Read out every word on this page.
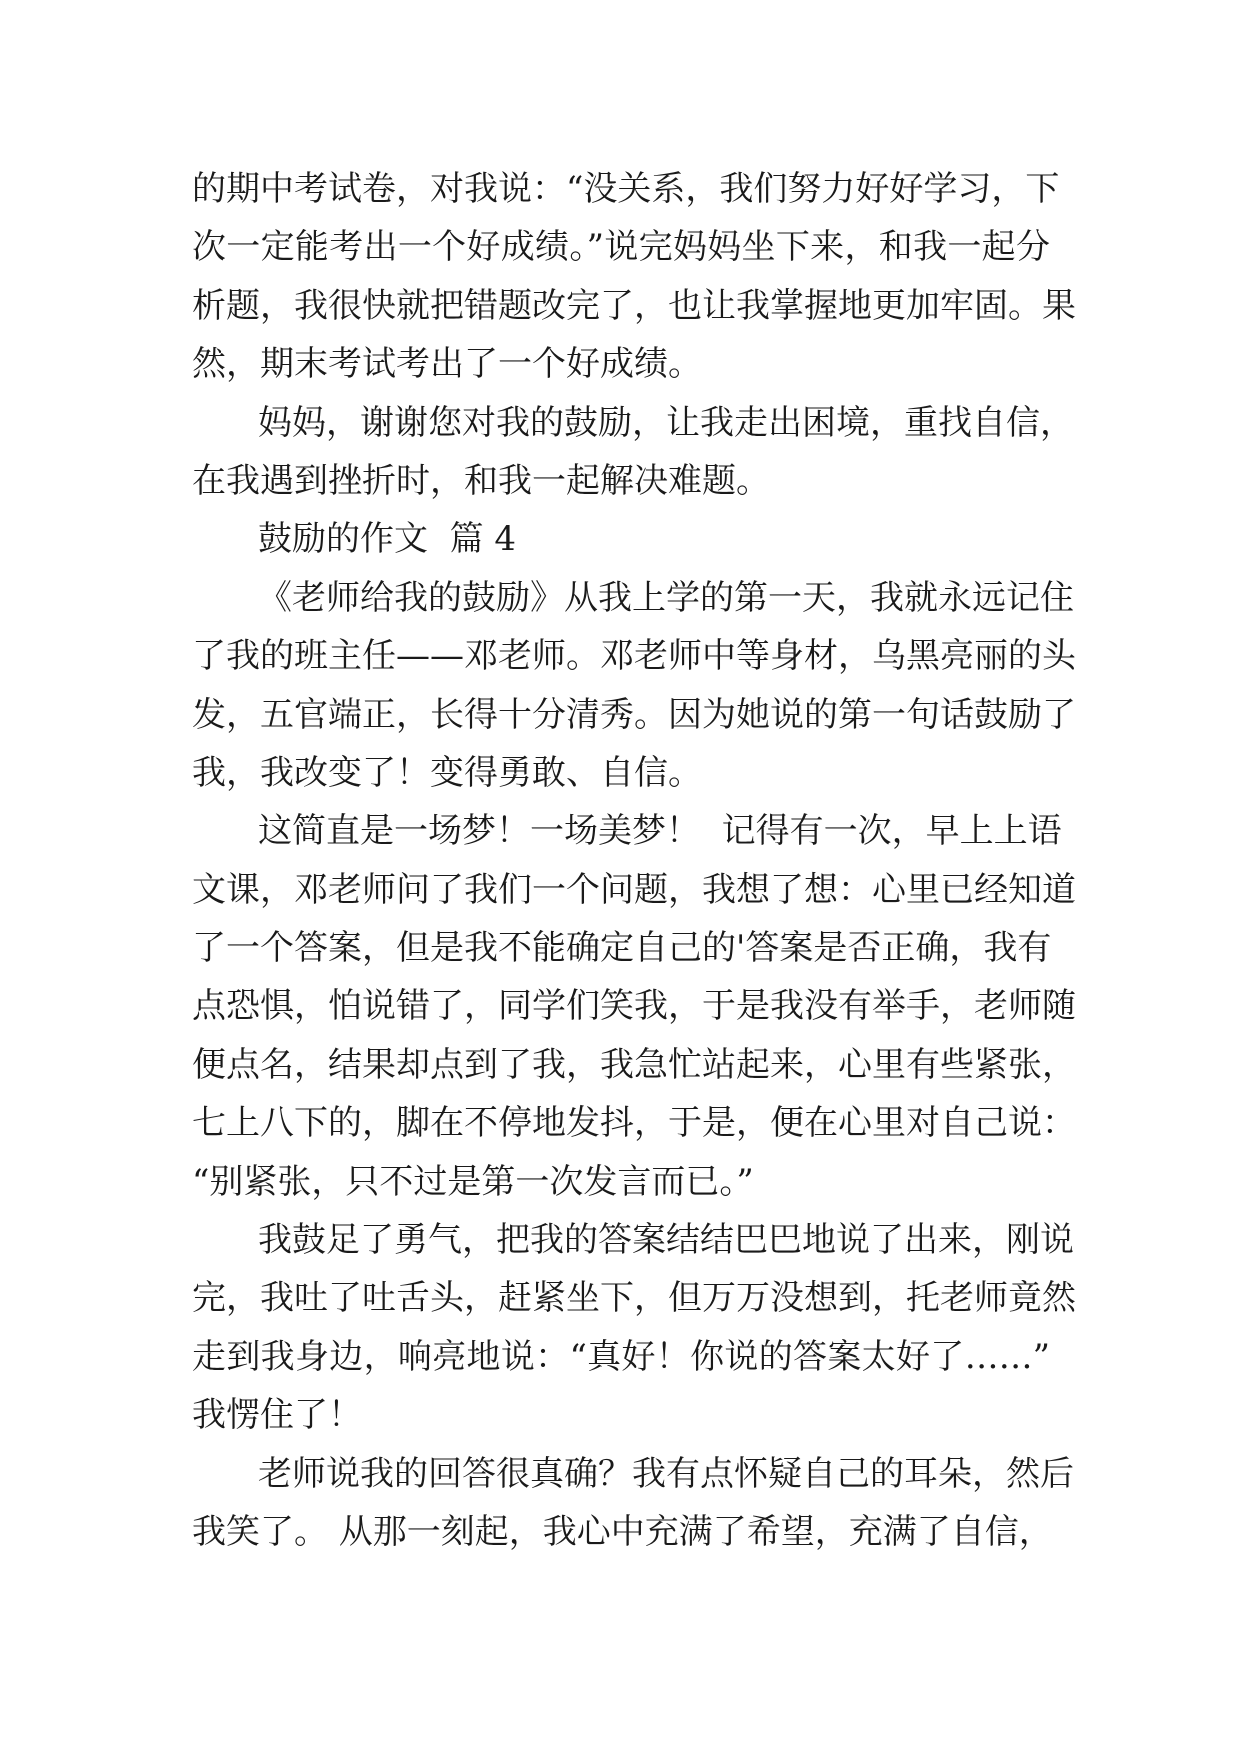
的期中考试卷，对我说：“没关系，我们努力好好学习，下
次一定能考出一个好成绩。”说完妈妈坐下来，和我一起分
析题，我很快就把错题改完了，也让我掌握地更加牢固。果
然，期末考试考出了一个好成绩。
妈妈，谢谢您对我的鼓励，让我走出困境，重找自信，
在我遇到挫折时，和我一起解决难题。
鼓励的作文  篇 4
《老师给我的鼓励》从我上学的第一天，我就永远记住
了我的班主任——邓老师。邓老师中等身材，乌黑亮丽的头
发，五官端正，长得十分清秀。因为她说的第一句话鼓励了
我，我改变了！变得勇敢、自信。
这简直是一场梦！一场美梦！  记得有一次，早上上语
文课，邓老师问了我们一个问题，我想了想：心里已经知道
了一个答案，但是我不能确定自己的'答案是否正确，我有
点恐惧，怕说错了，同学们笑我，于是我没有举手，老师随
便点名，结果却点到了我，我急忙站起来，心里有些紧张，
七上八下的，脚在不停地发抖，于是，便在心里对自己说：
“别紧张，只不过是第一次发言而已。”
我鼓足了勇气，把我的答案结结巴巴地说了出来，刚说
完，我吐了吐舌头，赶紧坐下，但万万没想到，托老师竟然
走到我身边，响亮地说：“真好！你说的答案太好了……”
我愣住了！
老师说我的回答很真确？我有点怀疑自己的耳朵，然后
我笑了。 从那一刻起，我心中充满了希望，充满了自信，
